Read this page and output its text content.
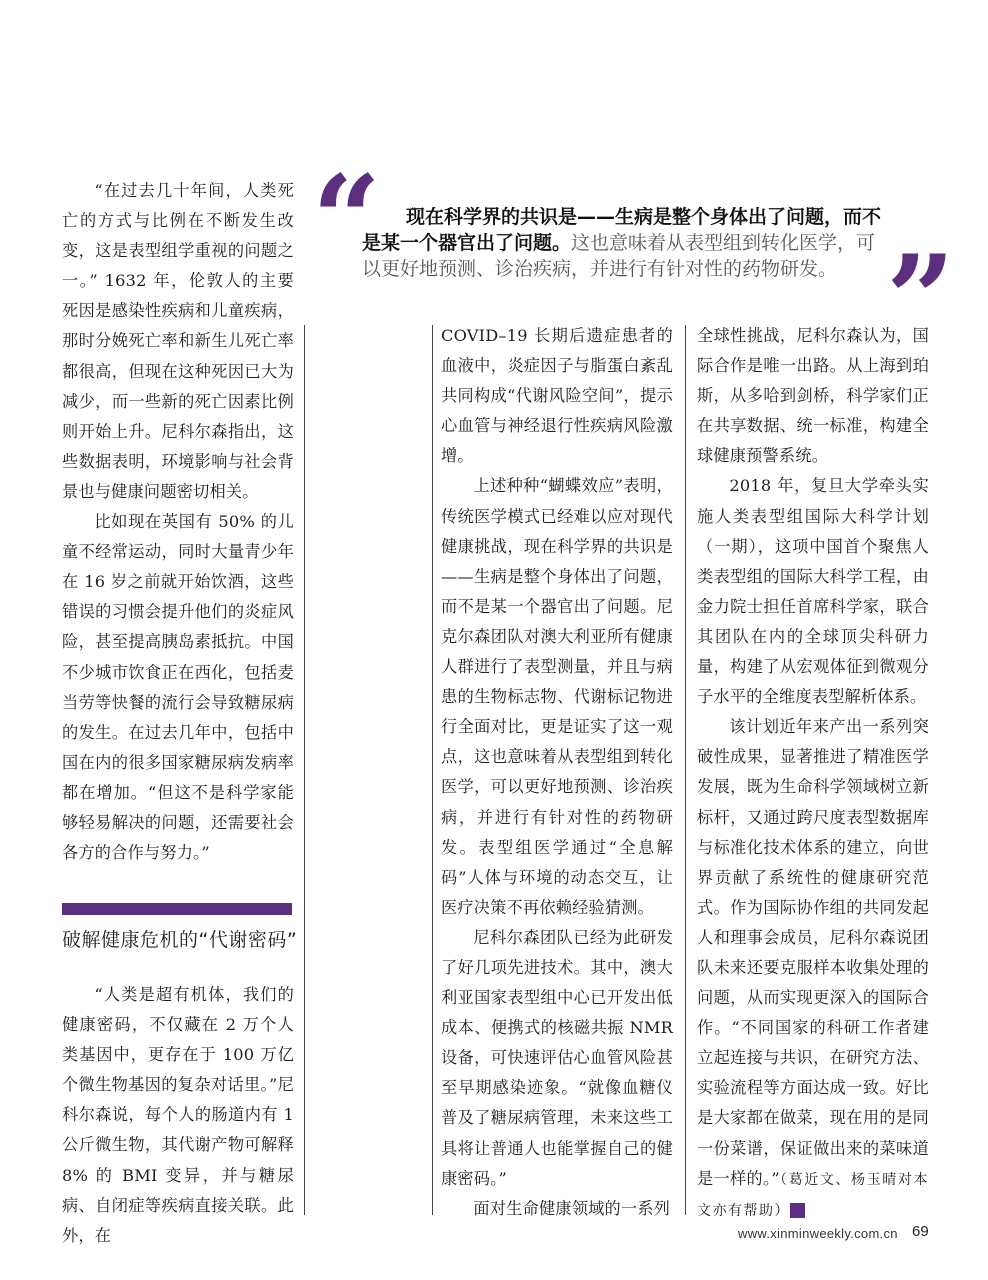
“	现在科学界的共识是——生病是整个身体出了问题，而不是某一个器官出了问题。这也意味着从表型组到转化医学，可以更好地预测、诊治疾病，并进行有针对性的药物研发。 ”

“在过去几十年间，人类死亡的方式与比例在不断发生改变，这是表型组学重视的问题之一。” 1632 年，伦敦人的主要死因是感染性疾病和儿童疾病，那时分娩死亡率和新生儿死亡率都很高，但现在这种死因已大为减少，而一些新的死亡因素比例则开始上升。尼科尔森指出，这些数据表明，环境影响与社会背景也与健康问题密切相关。

比如现在英国有 50% 的儿童不经常运动，同时大量青少年在 16 岁之前就开始饮酒，这些错误的习惯会提升他们的炎症风险，甚至提高胰岛素抵抗。中国不少城市饮食正在西化，包括麦当劳等快餐的流行会导致糖尿病的发生。在过去几年中，包括中国在内的很多国家糖尿病发病率都在增加。“但这不是科学家能够轻易解决的问题，还需要社会各方的合作与努力。”

破解健康危机的“代谢密码”

“人类是超有机体，我们的健康密码，不仅藏在 2 万个人类基因中，更存在于 100 万亿个微生物基因的复杂对话里。”尼科尔森说，每个人的肠道内有 1 公斤微生物，其代谢产物可解释 8% 的 BMI 变异，并与糖尿病、自闭症等疾病直接关联。此外，在

COVID–19 长期后遗症患者的血液中，炎症因子与脂蛋白紊乱共同构成“代谢风险空间”，提示心血管与神经退行性疾病风险激增。

上述种种“蝴蝶效应”表明，传统医学模式已经难以应对现代健康挑战，现在科学界的共识是——生病是整个身体出了问题，而不是某一个器官出了问题。尼克尔森团队对澳大利亚所有健康人群进行了表型测量，并且与病患的生物标志物、代谢标记物进行全面对比，更是证实了这一观点，这也意味着从表型组到转化医学，可以更好地预测、诊治疾病，并进行有针对性的药物研发。表型组医学通过“全息解码”人体与环境的动态交互，让医疗决策不再依赖经验猜测。

尼科尔森团队已经为此研发了好几项先进技术。其中，澳大利亚国家表型组中心已开发出低成本、便携式的核磁共振 NMR 设备，可快速评估心血管风险甚至早期感染迹象。“就像血糖仪普及了糖尿病管理，未来这些工具将让普通人也能掌握自己的健康密码。”

面对生命健康领域的一系列

全球性挑战，尼科尔森认为，国际合作是唯一出路。从上海到珀斯，从多哈到剑桥，科学家们正在共享数据、统一标准，构建全球健康预警系统。

2018 年，复旦大学牵头实施人类表型组国际大科学计划（一期），这项中国首个聚焦人类表型组的国际大科学工程，由金力院士担任首席科学家，联合其团队在内的全球顶尖科研力量，构建了从宏观体征到微观分子水平的全维度表型解析体系。

该计划近年来产出一系列突破性成果，显著推进了精准医学发展，既为生命科学领域树立新标杆，又通过跨尺度表型数据库与标准化技术体系的建立，向世界贡献了系统性的健康研究范式。作为国际协作组的共同发起人和理事会成员，尼科尔森说团队未来还要克服样本收集处理的问题，从而实现更深入的国际合作。“不同国家的科研工作者建立起连接与共识，在研究方法、实验流程等方面达成一致。好比是大家都在做菜，现在用的是同一份菜谱，保证做出来的菜味道是一样的。”（葛近文、杨玉晴对本文亦有帮助）	民

www.xinminweekly.com.cn 69
